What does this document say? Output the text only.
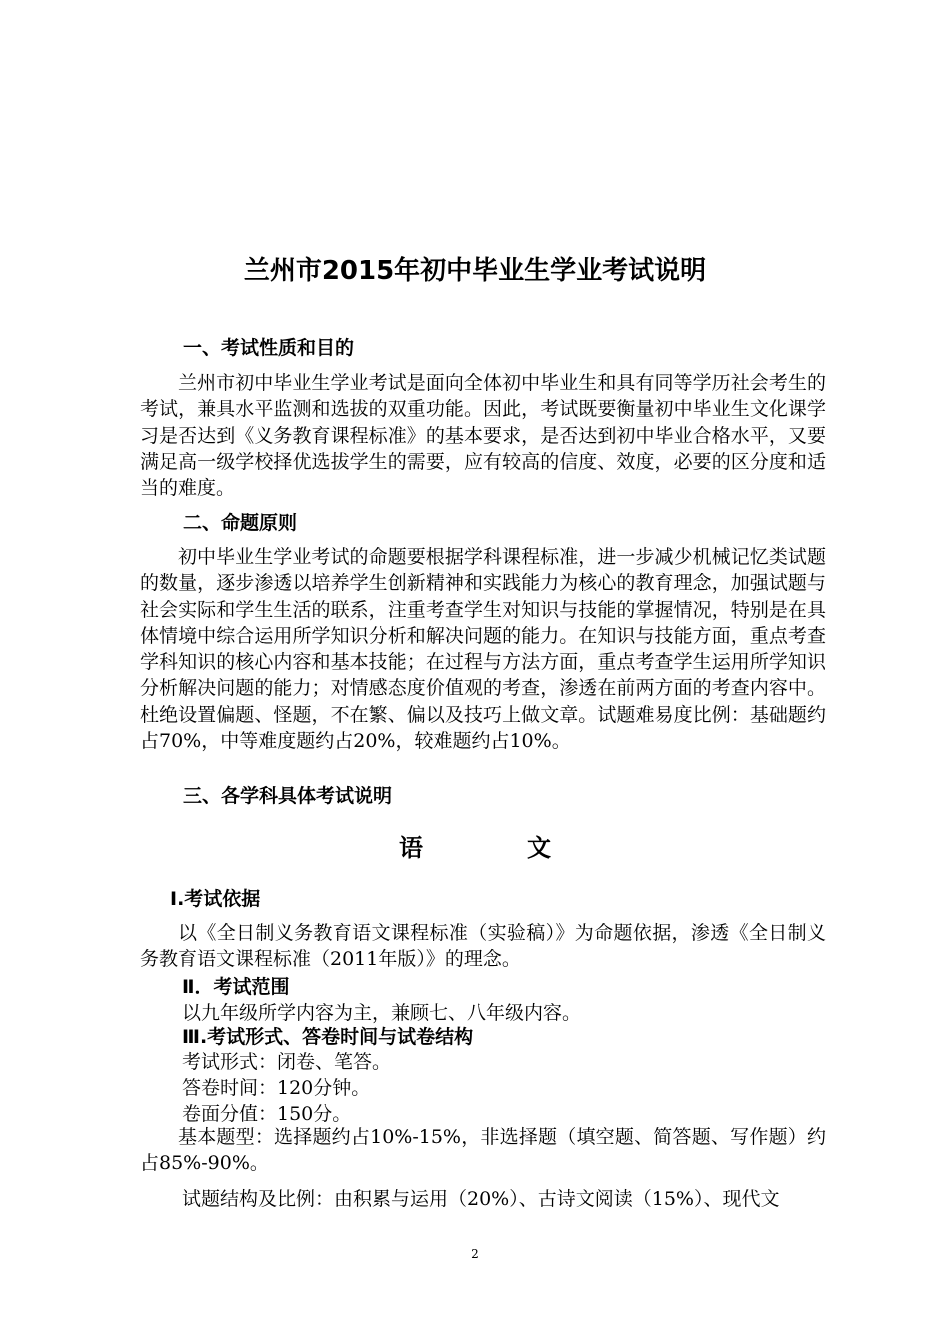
兰州市2015年初中毕业生学业考试说明
一、考试性质和目的

兰州市初中毕业生学业考试是面向全体初中毕业生和具有同等学历社会考生的考试，兼具水平监测和选拔的双重功能。因此，考试既要衡量初中毕业生文化课学习是否达到《义务教育课程标准》的基本要求，是否达到初中毕业合格水平，又要满足高一级学校择优选拔学生的需要，应有较高的信度、效度，必要的区分度和适当的难度。

二、命题原则

初中毕业生学业考试的命题要根据学科课程标准，进一步减少机械记忆类试题的数量，逐步渗透以培养学生创新精神和实践能力为核心的教育理念，加强试题与社会实际和学生生活的联系，注重考查学生对知识与技能的掌握情况，特别是在具体情境中综合运用所学知识分析和解决问题的能力。在知识与技能方面，重点考查学科知识的核心内容和基本技能；在过程与方法方面，重点考查学生运用所学知识分析解决问题的能力；对情感态度价值观的考查，渗透在前两方面的考查内容中。杜绝设置偏题、怪题，不在繁、偏以及技巧上做文章。试题难易度比例：基础题约占70%，中等难度题约占20%，较难题约占10%。

三、各学科具体考试说明
语　文
Ⅰ.考试依据

以《全日制义务教育语文课程标准（实验稿）》为命题依据，渗透《全日制义务教育语文课程标准（2011年版）》的理念。

Ⅱ．考试范围
以九年级所学内容为主，兼顾七、八年级内容。
Ⅲ.考试形式、答卷时间与试卷结构
考试形式：闭卷、笔答。
答卷时间：120分钟。
卷面分值：150分。

基本题型：选择题约占10%-15%，非选择题（填空题、简答题、写作题）约占85%-90%。

试题结构及比例：由积累与运用（20%）、古诗文阅读（15%）、现代文
2
